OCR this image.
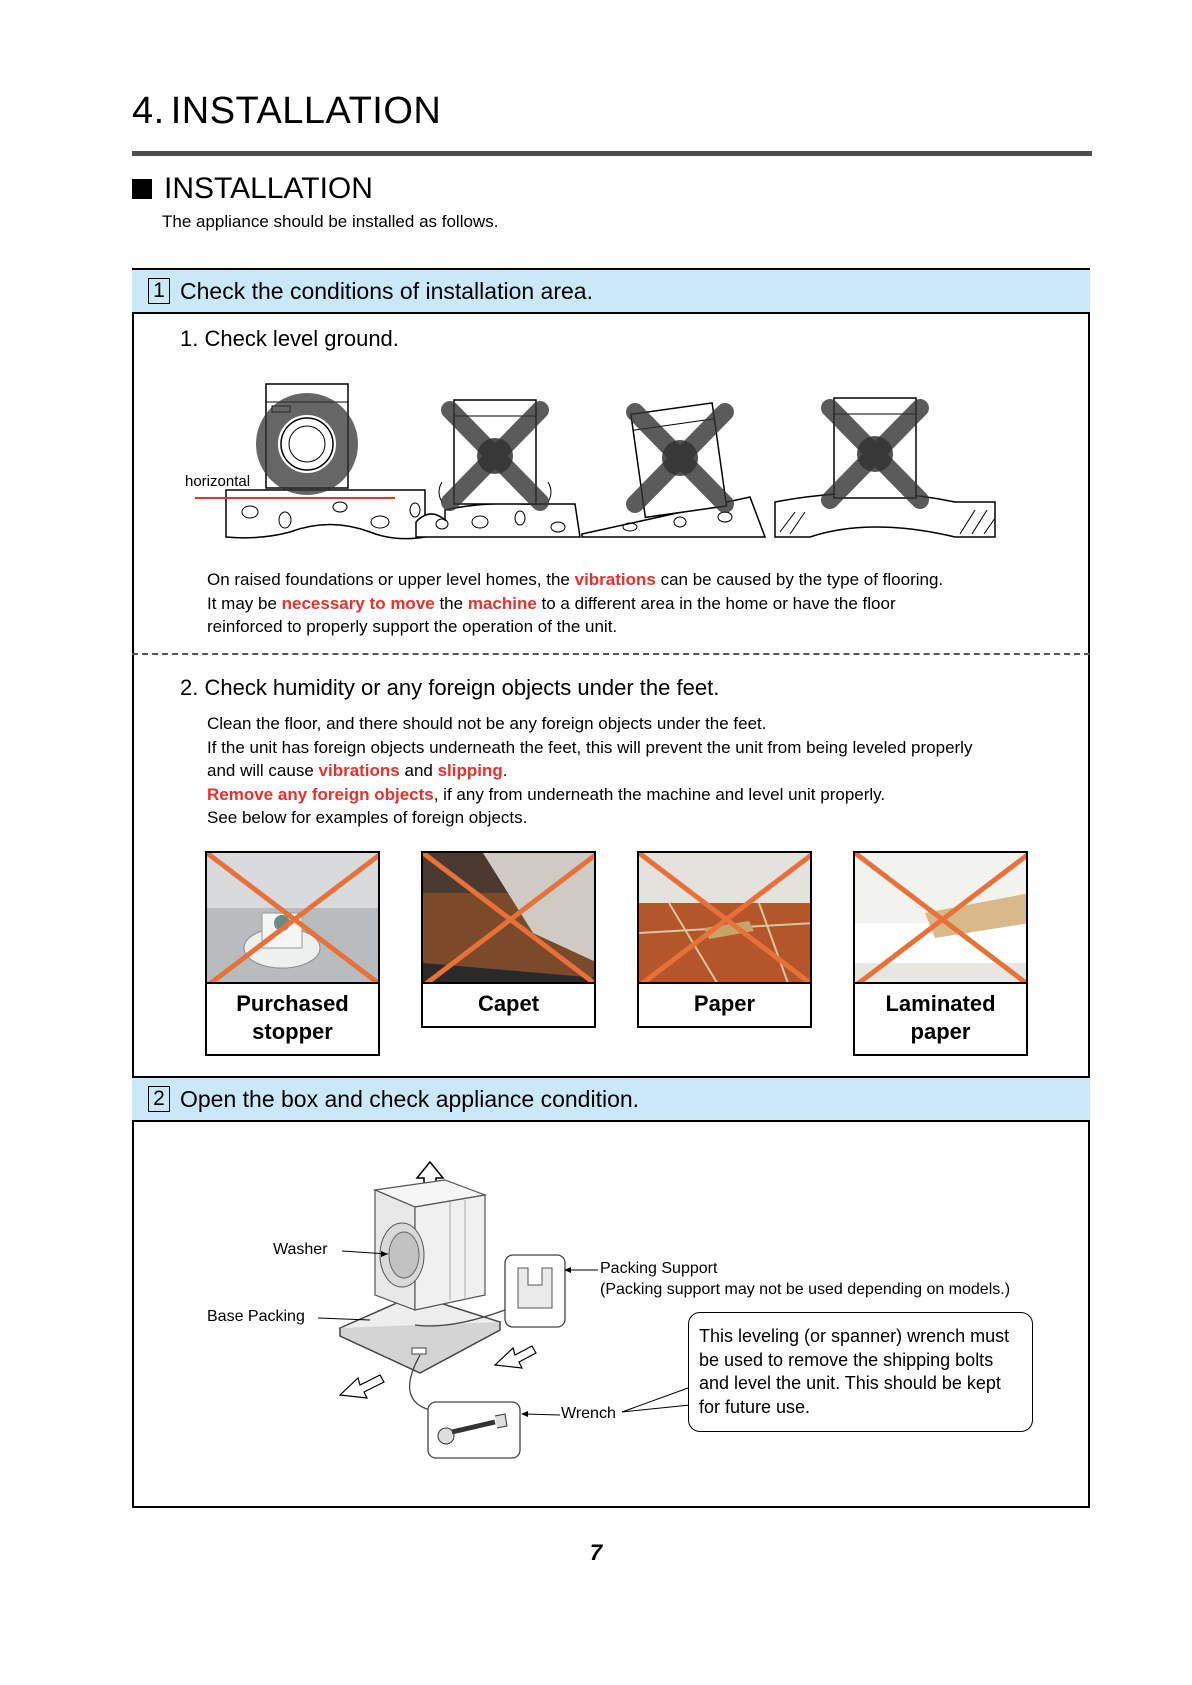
4. INSTALLATION
INSTALLATION
The appliance should be installed as follows.
1 Check the conditions of installation area.
1. Check level ground.
horizontal
On raised foundations or upper level homes, the vibrations can be caused by the type of flooring.
It may be necessary to move the machine to a different area in the home or have the floor
reinforced to properly support the operation of the unit.
2. Check humidity or any foreign objects under the feet.
Clean the floor, and there should not be any foreign objects under the feet.
If the unit has foreign objects underneath the feet, this will prevent the unit from being leveled properly
and will cause vibrations and slipping.
Remove any foreign objects, if any from underneath the machine and level unit properly.
See below for examples of foreign objects.
Purchased
stopper
Capet	Paper	Laminated
paper
2 Open the box and check appliance condition.
Washer
Base Packing
Packing Support
(Packing support may not be used depending on models.)
Wrench
This leveling (or spanner) wrench must be used to remove the shipping bolts and level the unit. This should be kept for future use.
7
